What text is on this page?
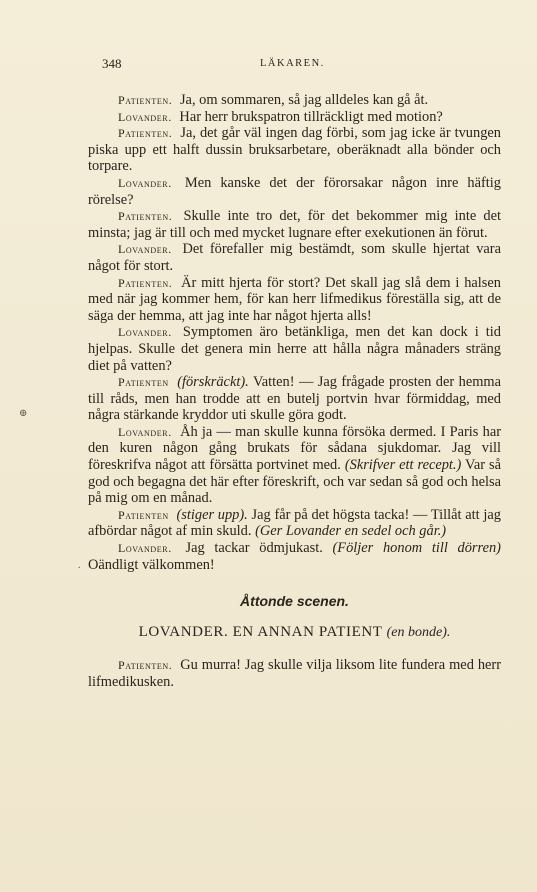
348	LÄKAREN.
⊕
.

Patienten. Ja, om sommaren, så jag alldeles kan gå åt.

Lovander. Har herr brukspatron tillräckligt med motion?

Patienten. Ja, det går väl ingen dag förbi, som jag icke är tvungen piska upp ett halft dussin bruksarbetare, oberäknadt alla bönder och torpare.

Lovander. Men kanske det der förorsakar någon inre häftig rörelse?

Patienten. Skulle inte tro det, för det bekommer mig inte det minsta; jag är till och med mycket lugnare efter exekutionen än förut.

Lovander. Det förefaller mig bestämdt, som skulle hjertat vara något för stort.

Patienten. Är mitt hjerta för stort? Det skall jag slå dem i halsen med när jag kommer hem, för kan herr lifmedikus föreställa sig, att de säga der hemma, att jag inte har något hjerta alls!

Lovander. Symptomen äro betänkliga, men det kan dock i tid hjelpas. Skulle det genera min herre att hålla några månaders sträng diet på vatten?

Patienten (förskräckt). Vatten! — Jag frågade prosten der hemma till råds, men han trodde att en butelj portvin hvar förmiddag, med några stärkande kryddor uti skulle göra godt.

Lovander. Åh ja — man skulle kunna försöka dermed. I Paris har den kuren någon gång brukats för sådana sjukdomar. Jag vill föreskrifva något att försätta portvinet med. (Skrifver ett recept.) Var så god och begagna det här efter föreskrift, och var sedan så god och helsa på mig om en månad.

Patienten (stiger upp). Jag får på det högsta tacka! — Tillåt att jag afbördar något af min skuld. (Ger Lovander en sedel och går.)

Lovander. Jag tackar ödmjukast. (Följer honom till dörren) Oändligt välkommen!

Åttonde scenen.

LOVANDER. EN ANNAN PATIENT (en bonde).

Patienten. Gu murra! Jag skulle vilja liksom lite fundera med herr lifmedikusken.
